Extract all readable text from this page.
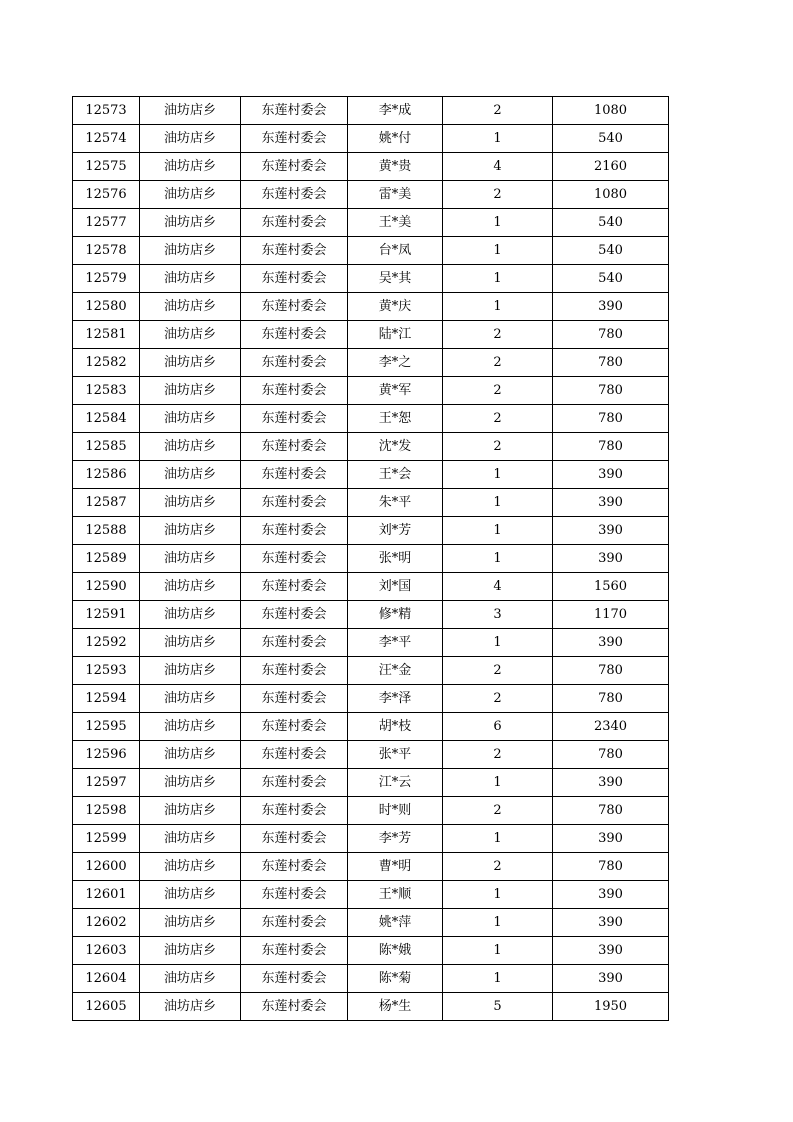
12573	油坊店乡	东莲村委会	李*成	2	1080
12574	油坊店乡	东莲村委会	姚*付	1	540
12575	油坊店乡	东莲村委会	黄*贵	4	2160
12576	油坊店乡	东莲村委会	雷*美	2	1080
12577	油坊店乡	东莲村委会	王*美	1	540
12578	油坊店乡	东莲村委会	台*凤	1	540
12579	油坊店乡	东莲村委会	吴*其	1	540
12580	油坊店乡	东莲村委会	黄*庆	1	390
12581	油坊店乡	东莲村委会	陆*江	2	780
12582	油坊店乡	东莲村委会	李*之	2	780
12583	油坊店乡	东莲村委会	黄*军	2	780
12584	油坊店乡	东莲村委会	王*恕	2	780
12585	油坊店乡	东莲村委会	沈*发	2	780
12586	油坊店乡	东莲村委会	王*会	1	390
12587	油坊店乡	东莲村委会	朱*平	1	390
12588	油坊店乡	东莲村委会	刘*芳	1	390
12589	油坊店乡	东莲村委会	张*明	1	390
12590	油坊店乡	东莲村委会	刘*国	4	1560
12591	油坊店乡	东莲村委会	修*精	3	1170
12592	油坊店乡	东莲村委会	李*平	1	390
12593	油坊店乡	东莲村委会	汪*金	2	780
12594	油坊店乡	东莲村委会	李*泽	2	780
12595	油坊店乡	东莲村委会	胡*枝	6	2340
12596	油坊店乡	东莲村委会	张*平	2	780
12597	油坊店乡	东莲村委会	江*云	1	390
12598	油坊店乡	东莲村委会	时*则	2	780
12599	油坊店乡	东莲村委会	李*芳	1	390
12600	油坊店乡	东莲村委会	曹*明	2	780
12601	油坊店乡	东莲村委会	王*顺	1	390
12602	油坊店乡	东莲村委会	姚*萍	1	390
12603	油坊店乡	东莲村委会	陈*娥	1	390
12604	油坊店乡	东莲村委会	陈*菊	1	390
12605	油坊店乡	东莲村委会	杨*生	5	1950
